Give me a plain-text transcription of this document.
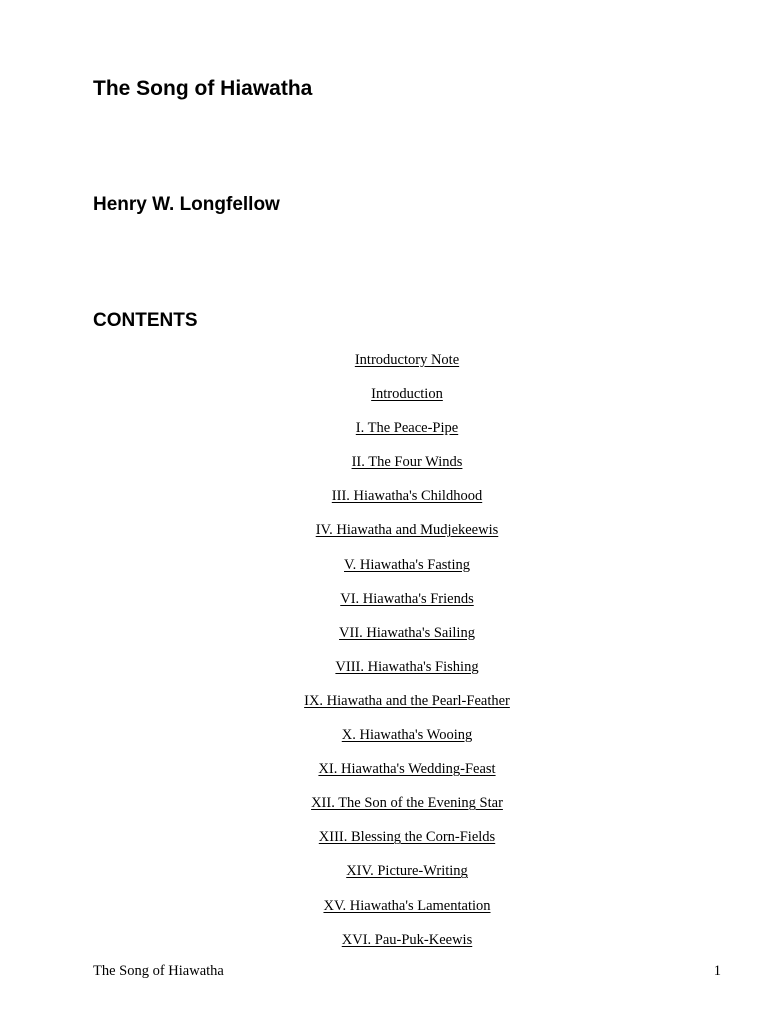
The Song of Hiawatha
Henry W. Longfellow
CONTENTS
Introductory Note
Introduction
I. The Peace-Pipe
II. The Four Winds
III. Hiawatha's Childhood
IV. Hiawatha and Mudjekeewis
V. Hiawatha's Fasting
VI. Hiawatha's Friends
VII. Hiawatha's Sailing
VIII. Hiawatha's Fishing
IX. Hiawatha and the Pearl-Feather
X. Hiawatha's Wooing
XI. Hiawatha's Wedding-Feast
XII. The Son of the Evening Star
XIII. Blessing the Corn-Fields
XIV. Picture-Writing
XV. Hiawatha's Lamentation
XVI. Pau-Puk-Keewis
The Song of Hiawatha	1
